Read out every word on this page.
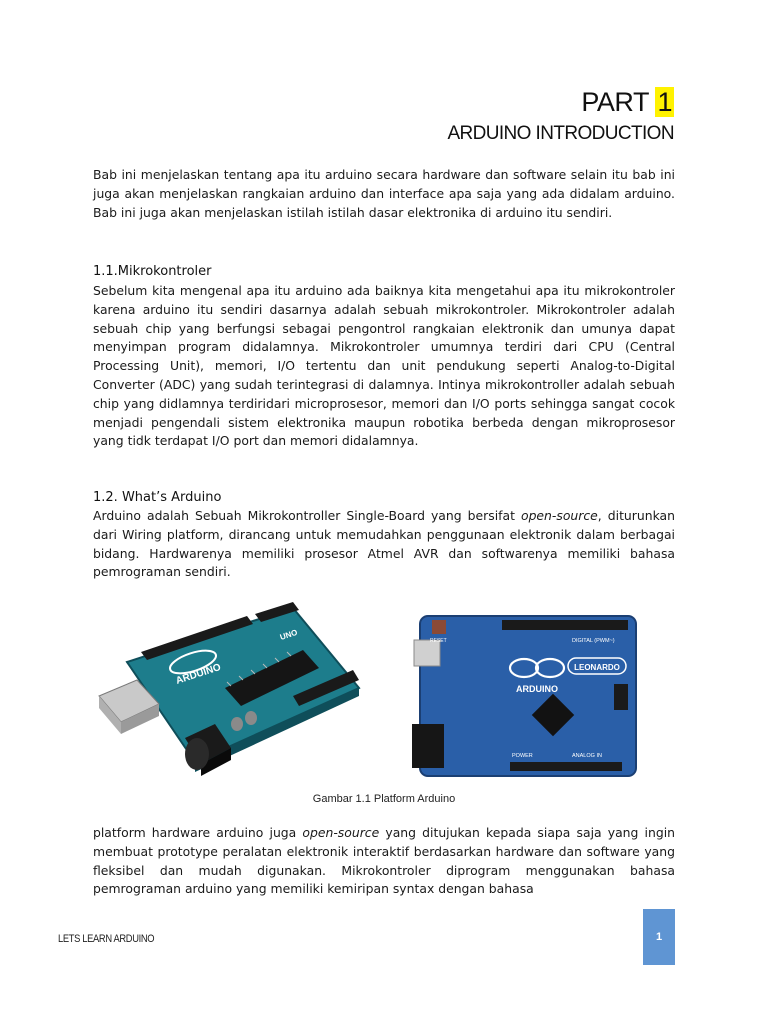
PART 1
ARDUINO INTRODUCTION

Bab ini menjelaskan tentang apa itu arduino secara hardware dan software selain itu bab ini juga akan menjelaskan rangkaian arduino dan interface apa saja yang ada didalam arduino. Bab ini juga akan menjelaskan istilah istilah dasar elektronika di arduino itu sendiri.

1.1.Mikrokontroler

Sebelum kita mengenal apa itu arduino ada baiknya kita mengetahui apa itu mikrokontroler karena arduino itu sendiri dasarnya adalah sebuah mikrokontroler. Mikrokontroler adalah sebuah chip yang berfungsi sebagai pengontrol rangkaian elektronik dan umunya dapat menyimpan program didalamnya. Mikrokontroler umumnya terdiri dari CPU (Central Processing Unit), memori, I/O tertentu dan unit pendukung seperti Analog-to-Digital Converter (ADC) yang sudah terintegrasi di dalamnya. Intinya mikrokontroller adalah sebuah chip yang didlamnya terdiridari microprosesor, memori dan I/O ports sehingga sangat cocok menjadi pengendali sistem elektronika maupun robotika berbeda dengan mikroprosesor yang tidk terdapat I/O port dan memori didalamnya.

1.2. What’s Arduino

Arduino adalah Sebuah Mikrokontroller Single-Board yang bersifat open-source, diturunkan dari Wiring platform, dirancang untuk memudahkan penggunaan elektronik dalam berbagai bidang. Hardwarenya memiliki prosesor Atmel AVR dan softwarenya memiliki bahasa pemrograman sendiri.

ARDUINO
UNO
LEONARDO
ARDUINO
DIGITAL (PWM~)
POWER	ANALOG IN
RESET
Gambar 1.1 Platform Arduino

platform hardware arduino juga open-source yang ditujukan kepada siapa saja yang ingin membuat prototype peralatan elektronik interaktif berdasarkan hardware dan software yang fleksibel dan mudah digunakan. Mikrokontroler diprogram menggunakan bahasa pemrograman arduino yang memiliki kemiripan syntax dengan bahasa

LETS LEARN ARDUINO	1
